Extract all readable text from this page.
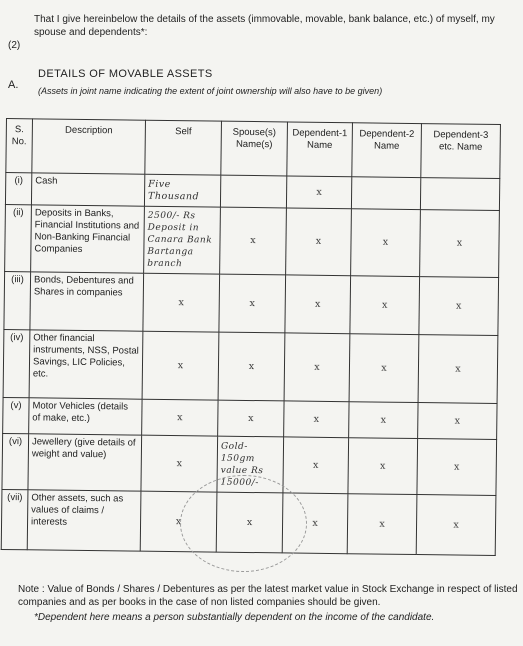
(2)
That I give hereinbelow the details of the assets (immovable, movable, bank balance, etc.) of myself, my spouse and dependents*:
A.
DETAILS OF MOVABLE ASSETS
(Assets in joint name indicating the extent of joint ownership will also have to be given)
S. No.	Description	Self	Spouse(s) Name(s)	Dependent-1 Name	Dependent-2 Name	Dependent-3 etc. Name
(i)	Cash	Five Thousand		x		
(ii)	Deposits in Banks, Financial Institutions and Non-Banking Financial Companies	2500/- Rs Deposit in Canara Bank Bartanga branch	x	x	x	x
(iii)	Bonds, Debentures and Shares in companies	x	x	x	x	x
(iv)	Other financial instruments, NSS, Postal Savings, LIC Policies, etc.	x	x	x	x	x
(v)	Motor Vehicles (details of make, etc.)	x	x	x	x	x
(vi)	Jewellery (give details of weight and value)	x	Gold-150gm value Rs 15000/-	x	x	x
(vii)	Other assets, such as values of claims / interests	x	x	x	x	x
Note : Value of Bonds / Shares / Debentures as per the latest market value in Stock Exchange in respect of listed companies and as per books in the case of non listed companies should be given.
*Dependent here means a person substantially dependent on the income of the candidate.
